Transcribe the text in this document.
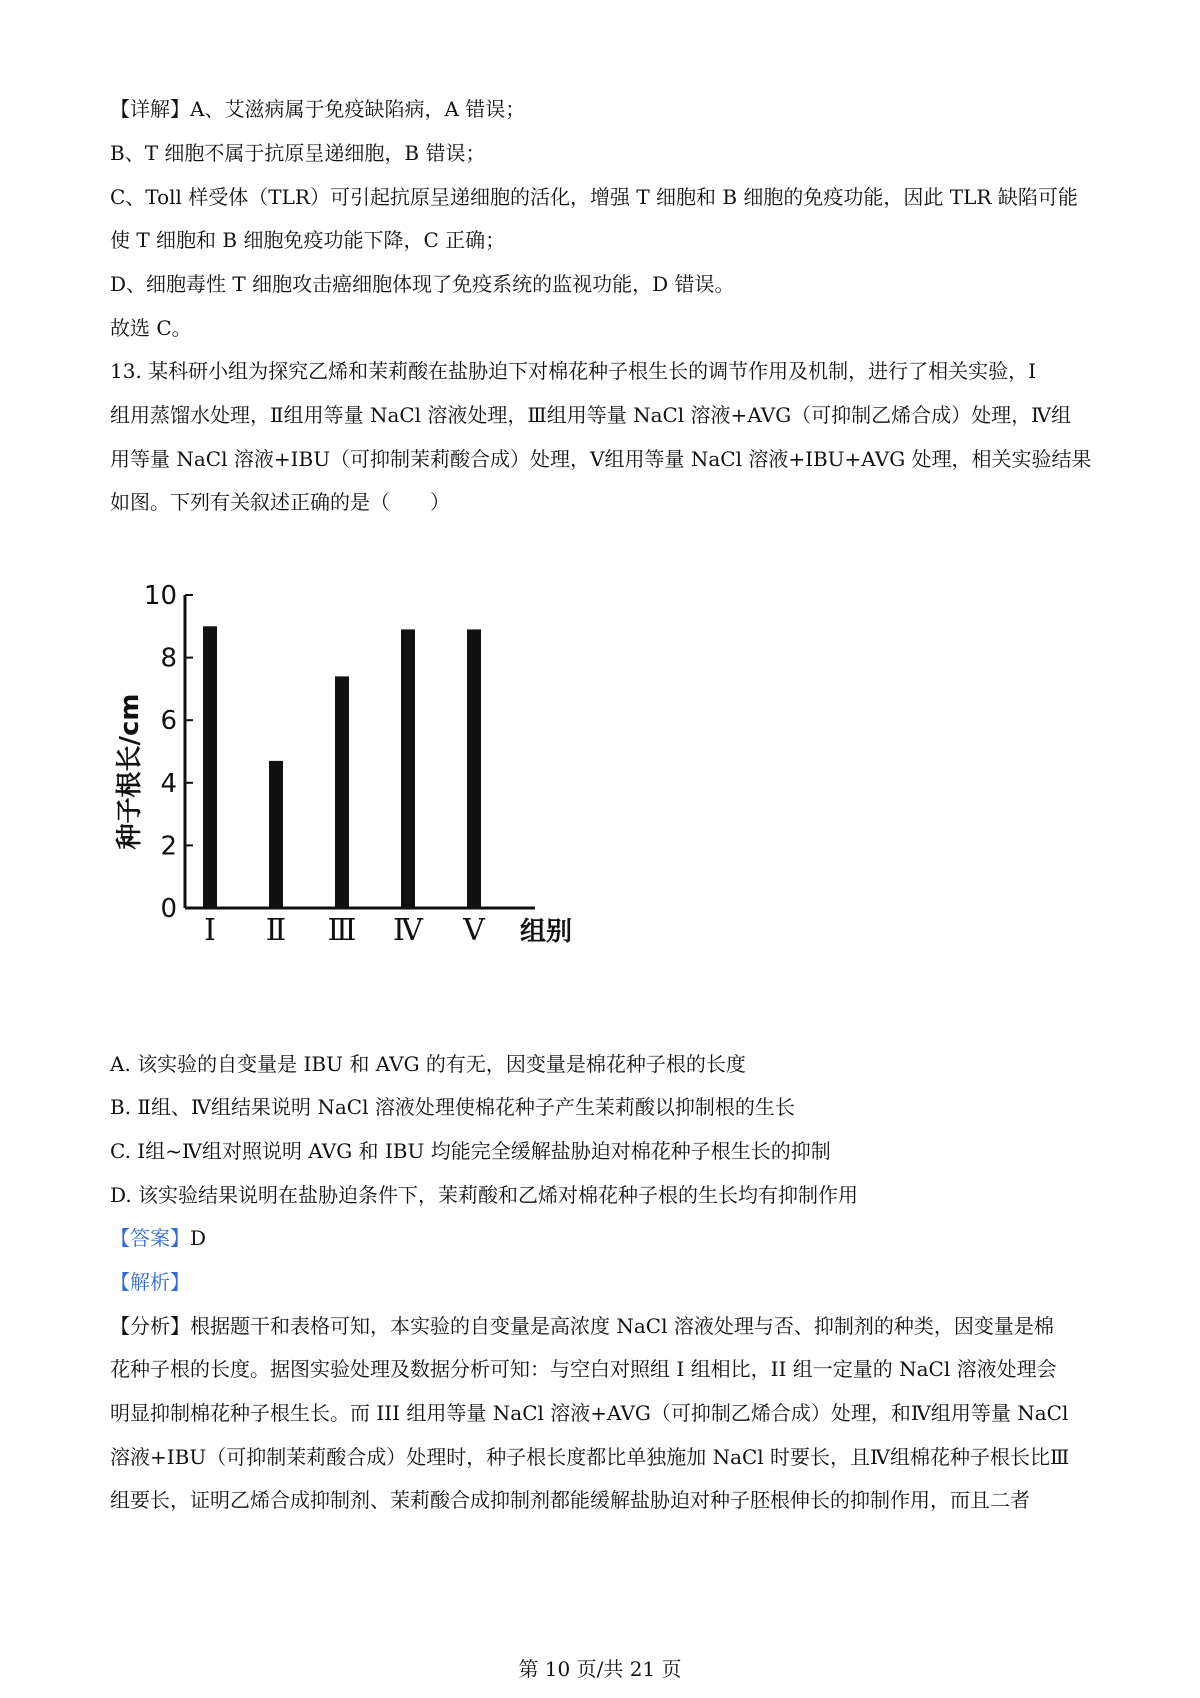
【详解】A、艾滋病属于免疫缺陷病，A 错误；
B、T 细胞不属于抗原呈递细胞，B 错误；
C、Toll 样受体（TLR）可引起抗原呈递细胞的活化，增强 T 细胞和 B 细胞的免疫功能，因此 TLR 缺陷可能
使 T 细胞和 B 细胞免疫功能下降，C 正确；
D、细胞毒性 T 细胞攻击癌细胞体现了免疫系统的监视功能，D 错误。
故选 C。
13. 某科研小组为探究乙烯和茉莉酸在盐胁迫下对棉花种子根生长的调节作用及机制，进行了相关实验，Ⅰ
组用蒸馏水处理，Ⅱ组用等量 NaCl 溶液处理，Ⅲ组用等量 NaCl 溶液+AVG（可抑制乙烯合成）处理，Ⅳ组
用等量 NaCl 溶液+IBU（可抑制茉莉酸合成）处理，Ⅴ组用等量 NaCl 溶液+IBU+AVG 处理，相关实验结果
如图。下列有关叙述正确的是（　　）
0
2
4
6
8
10
Ⅰ Ⅱ Ⅲ Ⅳ Ⅴ 组别
种子根长/cm
A. 该实验的自变量是 IBU 和 AVG 的有无，因变量是棉花种子根的长度
B. Ⅱ组、Ⅳ组结果说明 NaCl 溶液处理使棉花种子产生茉莉酸以抑制根的生长
C. Ⅰ组~Ⅳ组对照说明 AVG 和 IBU 均能完全缓解盐胁迫对棉花种子根生长的抑制
D. 该实验结果说明在盐胁迫条件下，茉莉酸和乙烯对棉花种子根的生长均有抑制作用
【答案】D
【解析】
【分析】根据题干和表格可知，本实验的自变量是高浓度 NaCl 溶液处理与否、抑制剂的种类，因变量是棉
花种子根的长度。据图实验处理及数据分析可知：与空白对照组 I 组相比，II 组一定量的 NaCl 溶液处理会
明显抑制棉花种子根生长。而 III 组用等量 NaCl 溶液+AVG（可抑制乙烯合成）处理，和Ⅳ组用等量 NaCl
溶液+IBU（可抑制茉莉酸合成）处理时，种子根长度都比单独施加 NaCl 时要长，且Ⅳ组棉花种子根长比Ⅲ
组要长，证明乙烯合成抑制剂、茉莉酸合成抑制剂都能缓解盐胁迫对种子胚根伸长的抑制作用，而且二者
第 10 页/共 21 页
